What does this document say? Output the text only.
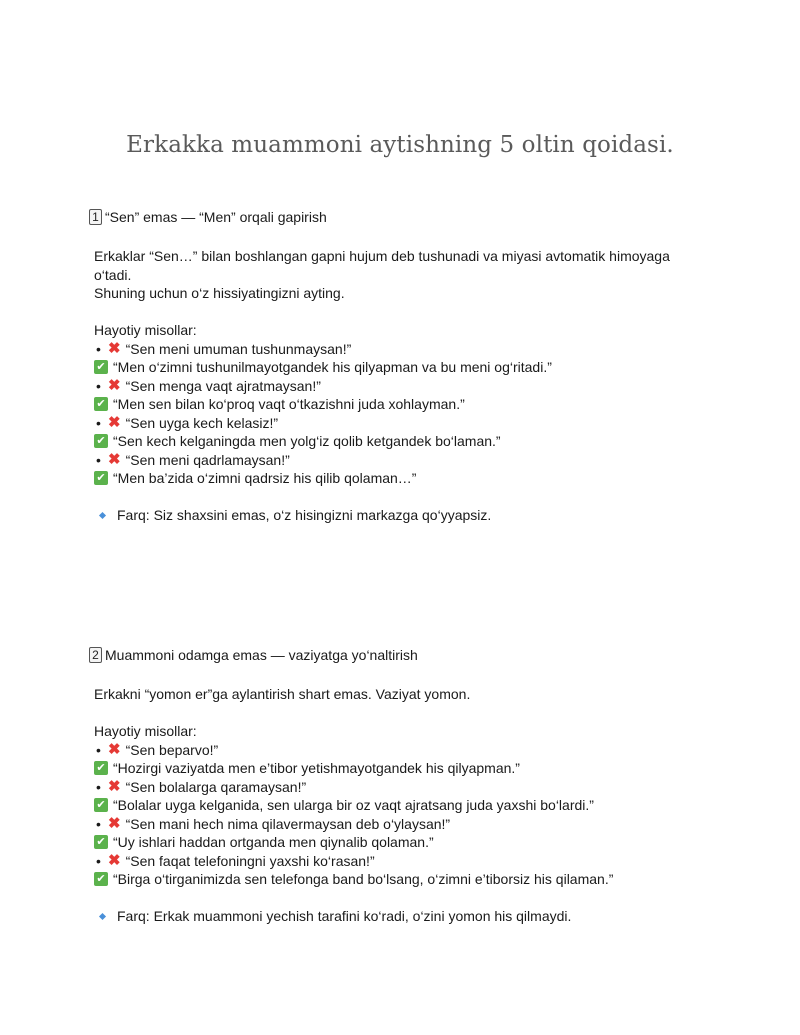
Erkakka muammoni aytishning 5 oltin qoidasi.
1 “Sen” emas — “Men” orqali gapirish

Erkaklar “Sen…” bilan boshlangan gapni hujum deb tushunadi va miyasi avtomatik himoyaga

o‘tadi.

Shuning uchun o‘z hissiyatingizni ayting.

Hayotiy misollar:

• ✖ “Sen meni umuman tushunmaysan!”
✔ “Men o‘zimni tushunilmayotgandek his qilyapman va bu meni og‘ritadi.”
• ✖ “Sen menga vaqt ajratmaysan!”
✔ “Men sen bilan ko‘proq vaqt o‘tkazishni juda xohlayman.”
• ✖ “Sen uyga kech kelasiz!”
✔ “Sen kech kelganingda men yolg‘iz qolib ketgandek bo‘laman.”
• ✖ “Sen meni qadrlamaysan!”
✔ “Men ba’zida o‘zimni qadrsiz his qilib qolaman…”
Farq: Siz shaxsini emas, o‘z hisingizni markazga qo‘yyapsiz.
2 Muammoni odamga emas — vaziyatga yo‘naltirish

Erkakni “yomon er”ga aylantirish shart emas. Vaziyat yomon.

Hayotiy misollar:

• ✖ “Sen beparvo!”
✔ “Hozirgi vaziyatda men e’tibor yetishmayotgandek his qilyapman.”
• ✖ “Sen bolalarga qaramaysan!”
✔ “Bolalar uyga kelganida, sen ularga bir oz vaqt ajratsang juda yaxshi bo‘lardi.”
• ✖ “Sen mani hech nima qilavermaysan deb o‘ylaysan!”
✔ “Uy ishlari haddan ortganda men qiynalib qolaman.”
• ✖ “Sen faqat telefoningni yaxshi ko‘rasan!”
✔ “Birga o‘tirganimizda sen telefonga band bo‘lsang, o‘zimni e’tiborsiz his qilaman.”
Farq: Erkak muammoni yechish tarafini ko‘radi, o‘zini yomon his qilmaydi.
